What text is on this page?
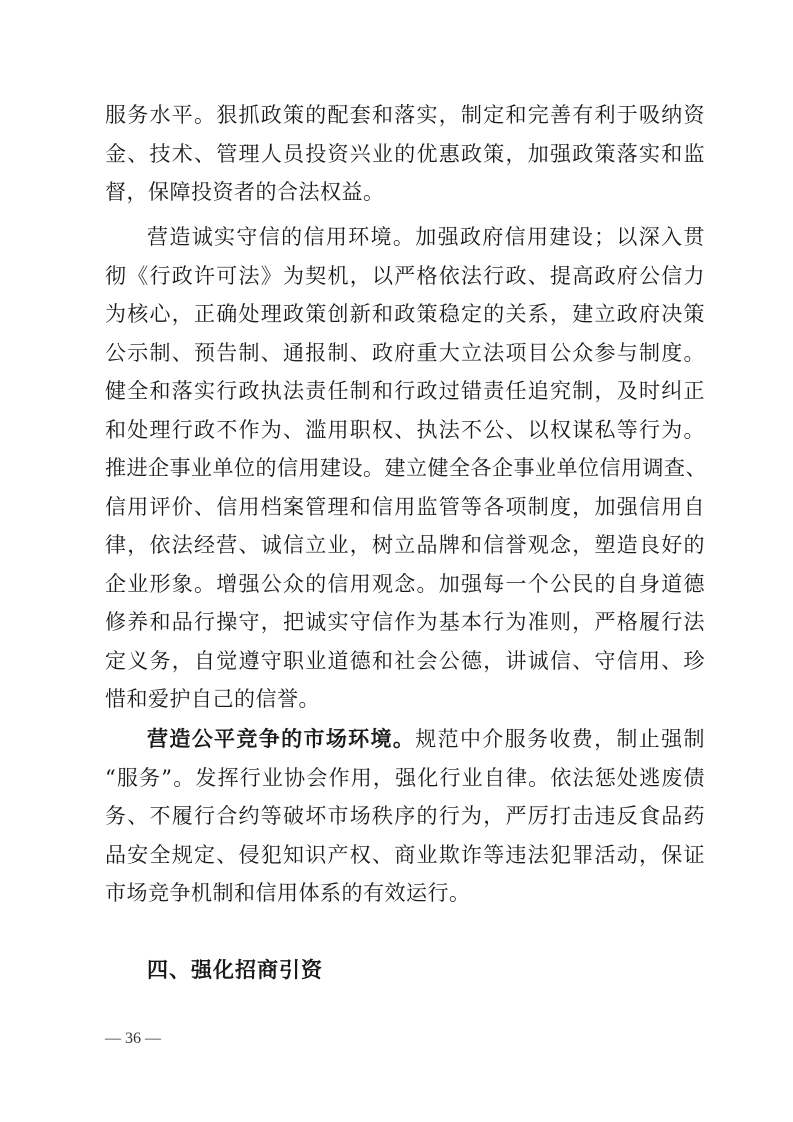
服务水平。狠抓政策的配套和落实，制定和完善有利于吸纳资
金、技术、管理人员投资兴业的优惠政策，加强政策落实和监
督，保障投资者的合法权益。

营造诚实守信的信用环境。加强政府信用建设；以深入贯
彻《行政许可法》为契机，以严格依法行政、提高政府公信力
为核心，正确处理政策创新和政策稳定的关系，建立政府决策
公示制、预告制、通报制、政府重大立法项目公众参与制度。
健全和落实行政执法责任制和行政过错责任追究制，及时纠正
和处理行政不作为、滥用职权、执法不公、以权谋私等行为。
推进企事业单位的信用建设。建立健全各企事业单位信用调查、
信用评价、信用档案管理和信用监管等各项制度，加强信用自
律，依法经营、诚信立业，树立品牌和信誉观念，塑造良好的
企业形象。增强公众的信用观念。加强每一个公民的自身道德
修养和品行操守，把诚实守信作为基本行为准则，严格履行法
定义务，自觉遵守职业道德和社会公德，讲诚信、守信用、珍
惜和爱护自己的信誉。

营造公平竞争的市场环境。规范中介服务收费，制止强制
“服务”。发挥行业协会作用，强化行业自律。依法惩处逃废债
务、不履行合约等破坏市场秩序的行为，严厉打击违反食品药
品安全规定、侵犯知识产权、商业欺诈等违法犯罪活动，保证
市场竞争机制和信用体系的有效运行。

四、强化招商引资
— 36 —
